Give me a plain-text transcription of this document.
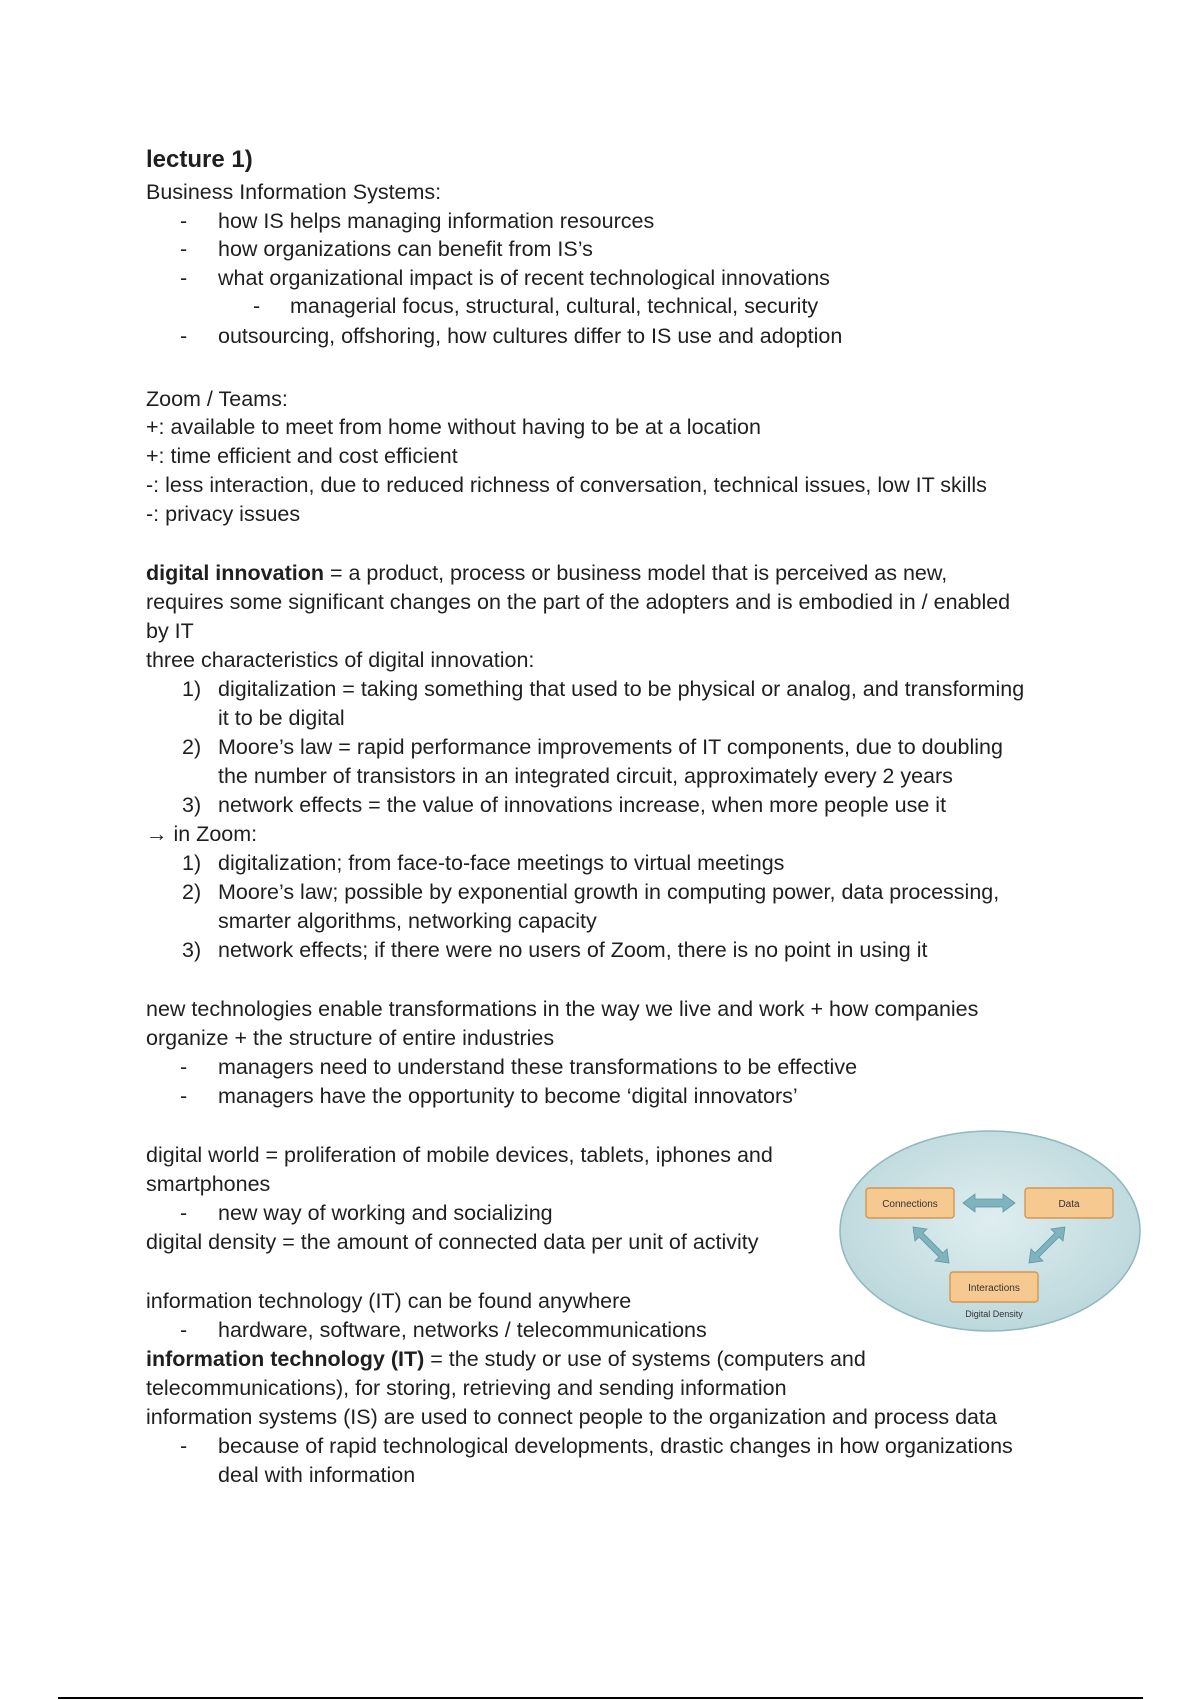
lecture 1)

Business Information Systems:

- how IS helps managing information resources

- how organizations can benefit from IS’s

- what organizational impact is of recent technological innovations

- managerial focus, structural, cultural, technical, security

- outsourcing, offshoring, how cultures differ to IS use and adoption

Zoom / Teams:

+: available to meet from home without having to be at a location

+: time efficient and cost efficient

-: less interaction, due to reduced richness of conversation, technical issues, low IT skills

-: privacy issues

digital innovation = a product, process or business model that is perceived as new,

requires some significant changes on the part of the adopters and is embodied in / enabled

by IT

three characteristics of digital innovation:

1) digitalization = taking something that used to be physical or analog, and transforming

it to be digital

2) Moore’s law = rapid performance improvements of IT components, due to doubling

the number of transistors in an integrated circuit, approximately every 2 years

3) network effects = the value of innovations increase, when more people use it

→ in Zoom:

1) digitalization; from face-to-face meetings to virtual meetings

2) Moore’s law; possible by exponential growth in computing power, data processing,

smarter algorithms, networking capacity

3) network effects; if there were no users of Zoom, there is no point in using it

new technologies enable transformations in the way we live and work + how companies

organize + the structure of entire industries

- managers need to understand these transformations to be effective

- managers have the opportunity to become ‘digital innovators’

digital world = proliferation of mobile devices, tablets, iphones and

smartphones

- new way of working and socializing

digital density = the amount of connected data per unit of activity

information technology (IT) can be found anywhere

- hardware, software, networks / telecommunications

information technology (IT) = the study or use of systems (computers and

telecommunications), for storing, retrieving and sending information

information systems (IS) are used to connect people to the organization and process data

- because of rapid technological developments, drastic changes in how organizations

deal with information

Connections	Data
Interactions
Digital Density
